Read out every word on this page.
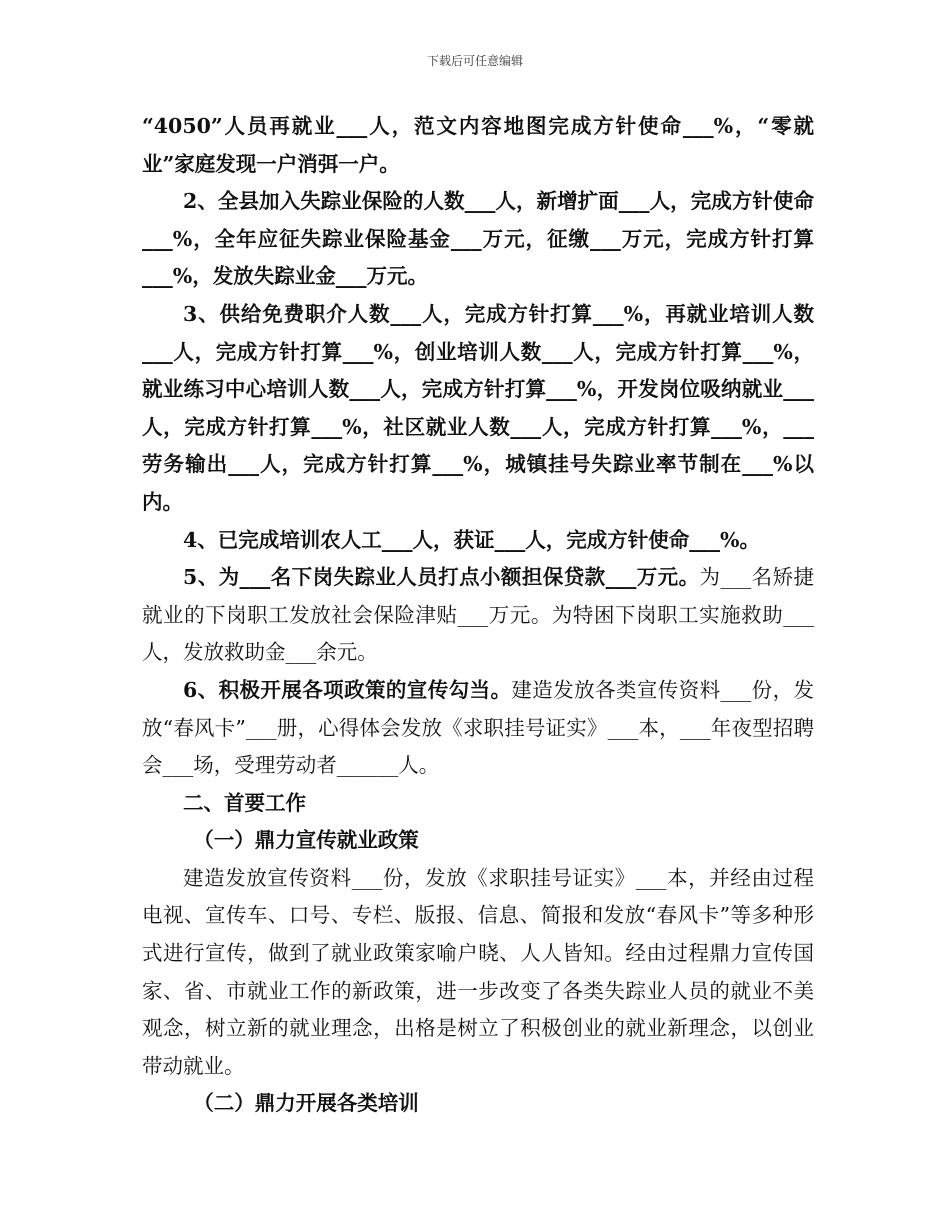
下载后可任意编辑

“4050”人员再就业___人，范文内容地图完成方针使命___%，“零就业”家庭发现一户消弭一户。

2、全县加入失踪业保险的人数___人，新增扩面___人，完成方针使命___%，全年应征失踪业保险基金___万元，征缴___万元，完成方针打算___%，发放失踪业金___万元。

3、供给免费职介人数___人，完成方针打算___%，再就业培训人数___人，完成方针打算___%，创业培训人数___人，完成方针打算___%，就业练习中心培训人数___人，完成方针打算___%，开发岗位吸纳就业___人，完成方针打算___%，社区就业人数___人，完成方针打算___%，___劳务输出___人，完成方针打算___%，城镇挂号失踪业率节制在___%以内。

4、已完成培训农人工___人，获证___人，完成方针使命___%。

5、为___名下岗失踪业人员打点小额担保贷款___万元。为___名矫捷就业的下岗职工发放社会保险津贴___万元。为特困下岗职工实施救助___人，发放救助金___余元。

6、积极开展各项政策的宣传勾当。建造发放各类宣传资料___份，发放“春风卡”___册，心得体会发放《求职挂号证实》___本，___年夜型招聘会___场，受理劳动者______人。

二、首要工作

（一）鼎力宣传就业政策

建造发放宣传资料___份，发放《求职挂号证实》___本，并经由过程电视、宣传车、口号、专栏、版报、信息、简报和发放“春风卡”等多种形式进行宣传，做到了就业政策家喻户晓、人人皆知。经由过程鼎力宣传国家、省、市就业工作的新政策，进一步改变了各类失踪业人员的就业不美观念，树立新的就业理念，出格是树立了积极创业的就业新理念，以创业带动就业。

（二）鼎力开展各类培训
